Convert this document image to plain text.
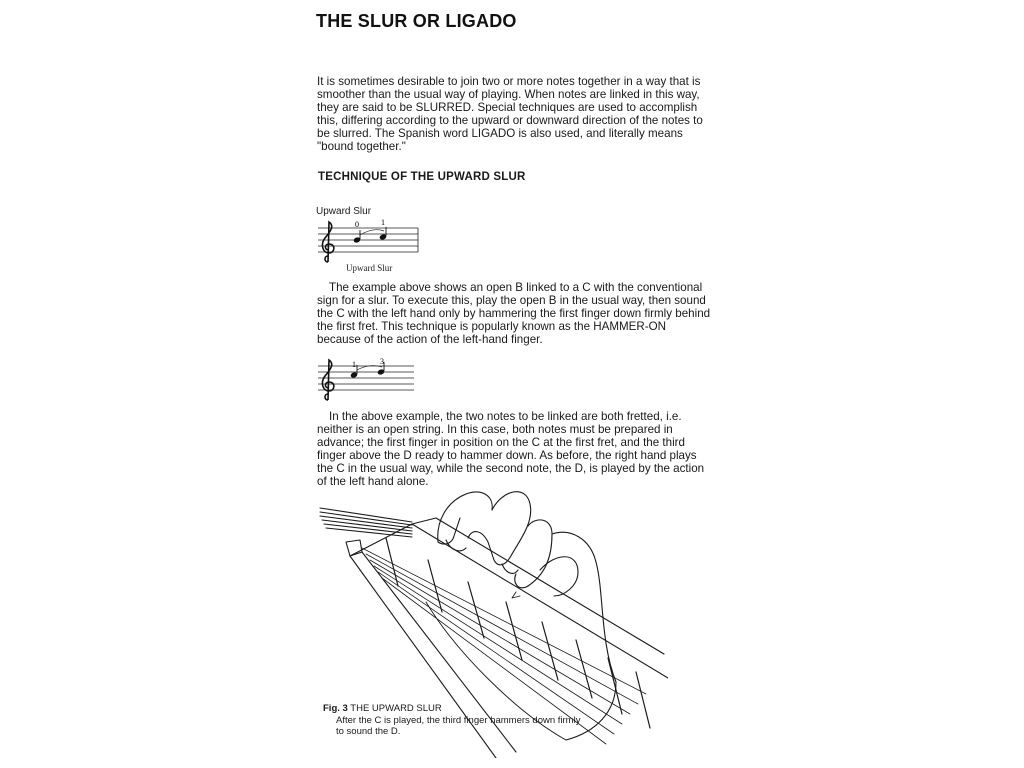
THE SLUR OR LIGADO

It is sometimes desirable to join two or more notes together in a way that is smoother than the usual way of playing. When notes are linked in this way, they are said to be SLURRED. Special techniques are used to accomplish this, differing according to the upward or downward direction of the notes to be slurred. The Spanish word LIGADO is also used, and literally means "bound together."

TECHNIQUE OF THE UPWARD SLUR

Upward Slur

0	1
Upward Slur

The example above shows an open B linked to a C with the conventional sign for a slur. To execute this, play the open B in the usual way, then sound the C with the left hand only by hammering the first finger down firmly behind the first fret. This technique is popularly known as the HAMMER-ON because of the action of the left-hand finger.

1	3

In the above example, the two notes to be linked are both fretted, i.e. neither is an open string. In this case, both notes must be prepared in advance; the first finger in position on the C at the first fret, and the third finger above the D ready to hammer down. As before, the right hand plays the C in the usual way, while the second note, the D, is played by the action of the left hand alone.

Fig. 3 THE UPWARD SLUR
After the C is played, the third finger hammers down firmly to sound the D.
